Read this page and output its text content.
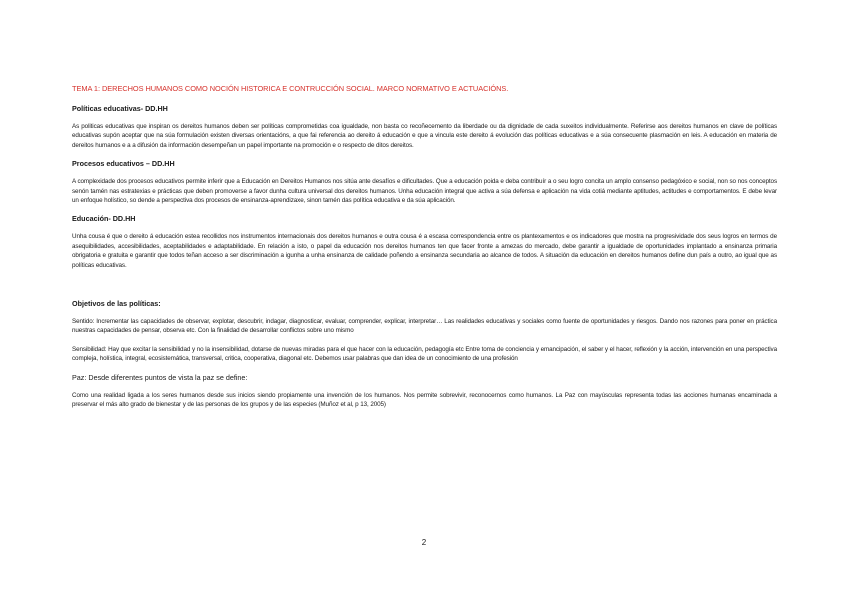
TEMA 1: DERECHOS HUMANOS COMO NOCIÓN HISTORICA E CONTRUCCIÓN SOCIAL. MARCO NORMATIVO E ACTUACIÓNS.

Políticas educativas- DD.HH

As politicas educativas que inspiran os dereitos humanos deben ser políticas comprometidas coa igualdade, non basta co recoñecemento da liberdade ou da dignidade de cada suxeitos individualmente. Referirse aos dereitos humanos en clave de políticas educativas supón aceptar que na súa formulación existen diversas orientacións, a que fai referencia ao dereito á educación e que a vincula este dereito á evolución das políticas educativas e a súa consecuente plasmación en leis. A educación en materia de dereitos humanos e a a difusión da información desempeñan un papel importante na promoción e o respecto de ditos dereitos.

Procesos educativos – DD.HH

A complexidade dos procesos educativos permite inferir que a Educación en Dereitos Humanos nos sitúa ante desafíos e dificultades. Que a educación poida e deba contribuír a o seu logro concita un amplo consenso pedagóxico e social, non so nos conceptos senón tamén nas estratexias e prácticas que deben promoverse a favor dunha cultura universal dos dereitos humanos. Unha educación integral que activa a súa defensa e aplicación na vida cotiá mediante aptitudes, actitudes e comportamentos. E debe levar un enfoque holístico, so dende a perspectiva dos procesos de ensinanza-aprendizaxe, sinon tamén das política educativa e da súa aplicación.

Educación- DD.HH

Unha cousa é que o dereito á educación estea recollidos nos instrumentos internacionais dos dereitos humanos e outra cousa é a escasa correspondencia entre os plantexamentos e os indicadores que mostra na progresividade dos seus logros en termos de asequibilidades, accesibilidades, aceptabilidades e adaptabilidade. En relación a isto, o papel da educación nos dereitos humanos ten que facer fronte a amezas do mercado, debe garantir a igualdade de oportunidades implantado a ensinanza primaria obrigatoria e gratuita e garantir que todos teñan acceso a ser discriminación a igunha a unha ensinanza de calidade poñendo a ensinanza secundaria ao alcance de todos. A situación da educación en dereitos humanos define dun país a outro, ao igual que as políticas educativas.

Objetivos de las políticas:

Sentido: Incrementar las capacidades de observar, explotar, descubrir, indagar, diagnosticar, evaluar, comprender, explicar, interpretar… Las realidades educativas y sociales como fuente de oportunidades y riesgos. Dando nos razones para poner en práctica nuestras capacidades de pensar, observa etc. Con la finalidad de desarrollar conflictos sobre uno mismo

Sensibilidad: Hay que excitar la sensibilidad y no la insensibilidad, dotarse de nuevas miradas para el que hacer con la educación, pedagogía etc Entre toma de conciencia y emancipación, el saber y el hacer, reflexión y la acción, intervención en una perspectiva compleja, holística, integral, ecosistemática, transversal, critica, cooperativa, diagonal etc. Debemos usar palabras que dan idea de un conocimiento de una profesión

Paz: Desde diferentes puntos de vista la paz se define:

Como una realidad ligada a los seres humanos desde sus inicios siendo propiamente una invención de los humanos. Nos permite sobrevivir, reconocernos como humanos. La Paz con mayúsculas representa todas las acciones humanas encaminada a preservar el más alto grado de bienestar y de las personas de los grupos y de las especies (Muñoz et al, p 13, 2005)

2
